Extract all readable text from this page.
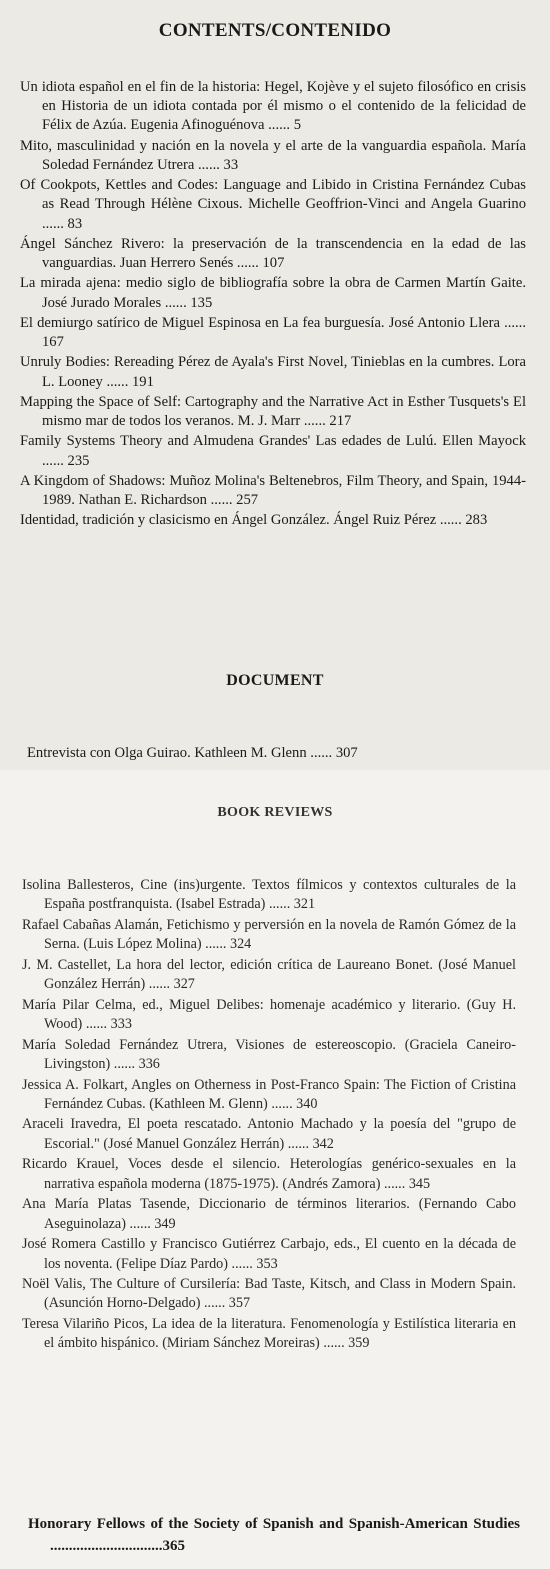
CONTENTS/CONTENIDO
Un idiota español en el fin de la historia: Hegel, Kojève y el sujeto filosófico en crisis en Historia de un idiota contada por él mismo o el contenido de la felicidad de Félix de Azúa. Eugenia Afinoguénova ...... 5
Mito, masculinidad y nación en la novela y el arte de la vanguardia española. María Soledad Fernández Utrera ...... 33
Of Cookpots, Kettles and Codes: Language and Libido in Cristina Fernández Cubas as Read Through Hélène Cixous. Michelle Geoffrion-Vinci and Angela Guarino ...... 83
Ángel Sánchez Rivero: la preservación de la transcendencia en la edad de las vanguardias. Juan Herrero Senés ...... 107
La mirada ajena: medio siglo de bibliografía sobre la obra de Carmen Martín Gaite. José Jurado Morales ...... 135
El demiurgo satírico de Miguel Espinosa en La fea burguesía. José Antonio Llera ...... 167
Unruly Bodies: Rereading Pérez de Ayala's First Novel, Tinieblas en la cumbres. Lora L. Looney ...... 191
Mapping the Space of Self: Cartography and the Narrative Act in Esther Tusquets's El mismo mar de todos los veranos. M. J. Marr ...... 217
Family Systems Theory and Almudena Grandes' Las edades de Lulú. Ellen Mayock ...... 235
A Kingdom of Shadows: Muñoz Molina's Beltenebros, Film Theory, and Spain, 1944-1989. Nathan E. Richardson ...... 257
Identidad, tradición y clasicismo en Ángel González. Ángel Ruiz Pérez ...... 283
DOCUMENT
Entrevista con Olga Guirao. Kathleen M. Glenn ...... 307
BOOK REVIEWS
Isolina Ballesteros, Cine (ins)urgente. Textos fílmicos y contextos culturales de la España postfranquista. (Isabel Estrada) ...... 321
Rafael Cabañas Alamán, Fetichismo y perversión en la novela de Ramón Gómez de la Serna. (Luis López Molina) ...... 324
J. M. Castellet, La hora del lector, edición crítica de Laureano Bonet. (José Manuel González Herrán) ...... 327
María Pilar Celma, ed., Miguel Delibes: homenaje académico y literario. (Guy H. Wood) ...... 333
María Soledad Fernández Utrera, Visiones de estereoscopio. (Graciela Caneiro-Livingston) ...... 336
Jessica A. Folkart, Angles on Otherness in Post-Franco Spain: The Fiction of Cristina Fernández Cubas. (Kathleen M. Glenn) ...... 340
Araceli Iravedra, El poeta rescatado. Antonio Machado y la poesía del "grupo de Escorial." (José Manuel González Herrán) ...... 342
Ricardo Krauel, Voces desde el silencio. Heterologías genérico-sexuales en la narrativa española moderna (1875-1975). (Andrés Zamora) ...... 345
Ana María Platas Tasende, Diccionario de términos literarios. (Fernando Cabo Aseguinolaza) ...... 349
José Romera Castillo y Francisco Gutiérrez Carbajo, eds., El cuento en la década de los noventa. (Felipe Díaz Pardo) ...... 353
Noël Valis, The Culture of Cursilería: Bad Taste, Kitsch, and Class in Modern Spain. (Asunción Horno-Delgado) ...... 357
Teresa Vilariño Picos, La idea de la literatura. Fenomenología y Estilística literaria en el ámbito hispánico. (Miriam Sánchez Moreiras) ...... 359
Honorary Fellows of the Society of Spanish and Spanish-American Studies ..............................365
